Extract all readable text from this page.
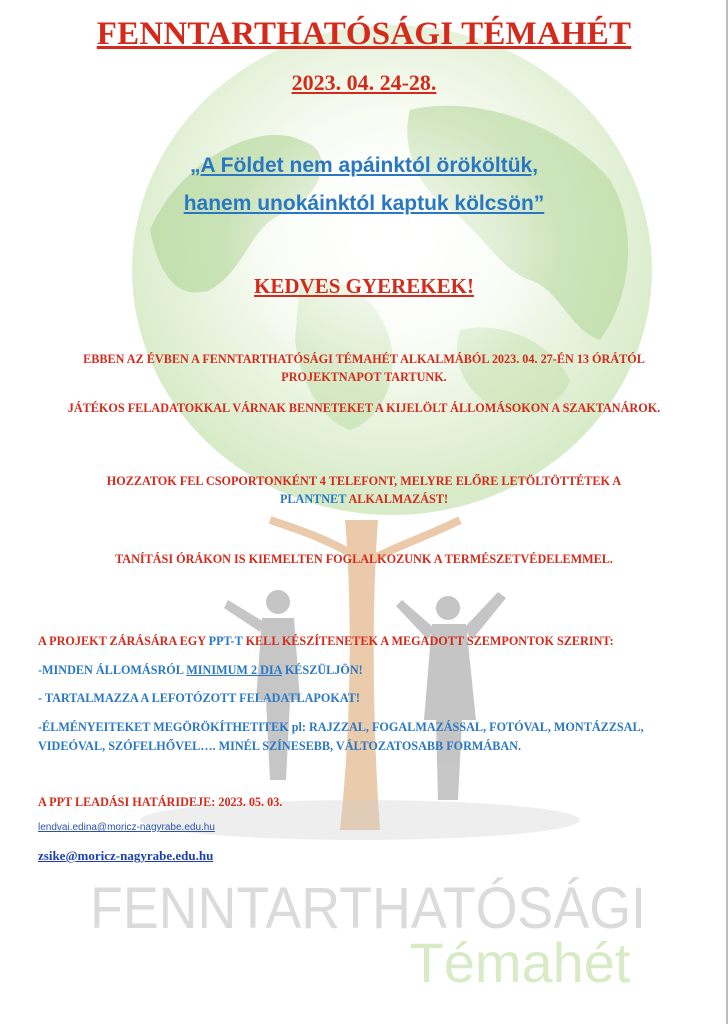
FENNTARTHATÓSÁGI
Témahét
FENNTARTHATÓSÁGI TÉMAHÉT
2023. 04. 24-28.
„A Földet nem apáinktól örököltük,
hanem unokáinktól kaptuk kölcsön”
KEDVES GYEREKEK!

EBBEN AZ ÉVBEN A FENNTARTHATÓSÁGI TÉMAHÉT ALKALMÁBÓL 2023. 04. 27-ÉN 13 ÓRÁTÓL PROJEKTNAPOT TARTUNK.

JÁTÉKOS FELADATOKKAL VÁRNAK BENNETEKET A KIJELÖLT ÁLLOMÁSOKON A SZAKTANÁROK.

HOZZATOK FEL CSOPORTONKÉNT 4 TELEFONT, MELYRE ELŐRE LETÖLTÖTTÉTEK A
PLANTNET ALKALMAZÁST!

TANÍTÁSI ÓRÁKON IS KIEMELTEN FOGLALKOZUNK A TERMÉSZETVÉDELEMMEL.

A PROJEKT ZÁRÁSÁRA EGY PPT-T KELL KÉSZÍTENETEK A MEGADOTT SZEMPONTOK SZERINT:

-MINDEN ÁLLOMÁSRÓL MINIMUM 2 DIA KÉSZÜLJÖN!

- TARTALMAZZA A LEFOTÓZOTT FELADATLAPOKAT!

-ÉLMÉNYEITEKET MEGÖRÖKÍTHETITEK pl: RAJZZAL, FOGALMAZÁSSAL, FOTÓVAL, MONTÁZZSAL, VIDEÓVAL, SZÓFELHŐVEL…. MINÉL SZÍNESEBB, VÁLTOZATOSABB FORMÁBAN.

A PPT LEADÁSI HATÁRIDEJE: 2023. 05. 03.

lendvai.edina@moricz-nagyrabe.edu.hu
zsike@moricz-nagyrabe.edu.hu
